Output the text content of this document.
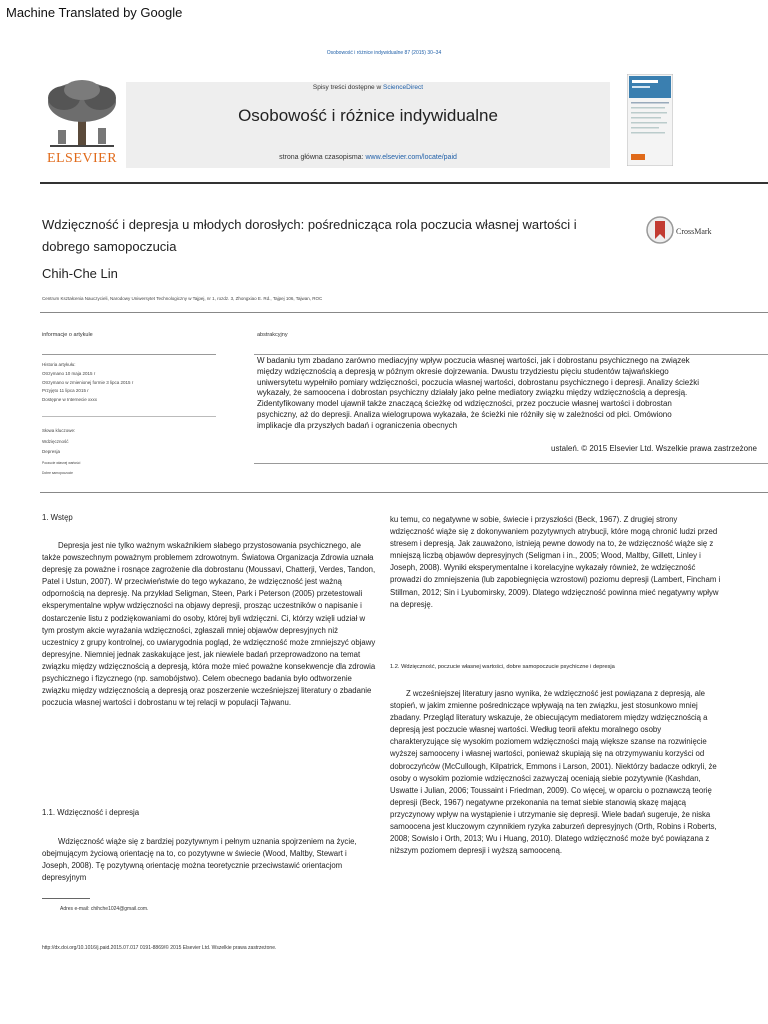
Machine Translated by Google
Osobowość i różnice indywidualne 87 (2015) 30–34
ELSEVIER
Spisy treści dostępne w ScienceDirect
Osobowość i różnice indywidualne
strona główna czasopisma: www.elsevier.com/locate/paid
Wdzięczność i depresja u młodych dorosłych: pośrednicząca rola poczucia własnej wartości i dobrego samopoczucia
Chih-Che Lin
Centrum Kształcenia Nauczycieli, Narodowy Uniwersytet Technologiczny w Tajpej, nr 1, rozdz. 3, Zhongxiao E. Rd., Tajpej 106, Tajwan, ROC
CrossMark
informacje o artykule	abstrakcyjny
Historia artykułu:
Otrzymano 10 maja 2015 r
Otrzymano w zmienionej formie 3 lipca 2015 r
Przyjęto 11 lipca 2015 r
Dostępne w Internecie xxxx
Słowa kluczowe:
Wdzięczność
Depresja
Poczucie własnej wartości
Dobre samopoczucie
W badaniu tym zbadano zarówno mediacyjny wpływ poczucia własnej wartości, jak i dobrostanu psychicznego na związek między wdzięcznością a depresją w późnym okresie dojrzewania. Dwustu trzydziestu pięciu studentów tajwańskiego uniwersytetu wypełniło pomiary wdzięczności, poczucia własnej wartości, dobrostanu psychicznego i depresji. Analizy ścieżki wykazały, że samoocena i dobrostan psychiczny działały jako pełne mediatory związku między wdzięcznością a depresją. Zidentyfikowany model ujawnił także znaczącą ścieżkę od wdzięczności, przez poczucie własnej wartości i dobrostan psychiczny, aż do depresji. Analiza wielogrupowa wykazała, że ścieżki nie różniły się w zależności od płci. Omówiono implikacje dla przyszłych badań i ograniczenia obecnych
ustaleń. © 2015 Elsevier Ltd. Wszelkie prawa zastrzeżone
1. Wstęp

Depresja jest nie tylko ważnym wskaźnikiem słabego przystosowania psychicznego, ale także powszechnym poważnym problemem zdrowotnym. Światowa Organizacja Zdrowia uznała depresję za poważne i rosnące zagrożenie dla dobrostanu (Moussavi, Chatterji, Verdes, Tandon, Patel i Ustun, 2007). W przeciwieństwie do tego wykazano, że wdzięczność jest ważną odpornością na depresję. Na przykład Seligman, Steen, Park i Peterson (2005) przetestowali eksperymentalne wpływ wdzięczności na objawy depresji, prosząc uczestników o napisanie i dostarczenie listu z podziękowaniami do osoby, której byli wdzięczni. Ci, którzy wzięli udział w tym prostym akcie wyrażania wdzięczności, zgłaszali mniej objawów depresyjnych niż uczestnicy z grupy kontrolnej, co uwiarygodnia pogląd, że wdzięczność może zmniejszyć objawy depresyjne. Niemniej jednak zaskakujące jest, jak niewiele badań przeprowadzono na temat związku między wdzięcznością a depresją, która może mieć poważne konsekwencje dla zdrowia psychicznego i fizycznego (np. samobójstwo). Celem obecnego badania było odtworzenie związku między wdzięcznością a depresją oraz poszerzenie wcześniejszej literatury o zbadanie poczucia własnej wartości i dobrostanu w tej relacji w populacji Tajwanu.

1.1. Wdzięczność i depresja

Wdzięczność wiąże się z bardziej pozytywnym i pełnym uznania spojrzeniem na życie, obejmującym życiową orientację na to, co pozytywne w świecie (Wood, Maltby, Stewart i Joseph, 2008). Tę pozytywną orientację można teoretycznie przeciwstawić orientacjom depresyjnym

Adres e-mail: chihche1024@gmail.com.
http://dx.doi.org/10.1016/j.paid.2015.07.017 0191-8869/© 2015 Elsevier Ltd. Wszelkie prawa zastrzeżone.

ku temu, co negatywne w sobie, świecie i przyszłości (Beck, 1967). Z drugiej strony wdzięczność wiąże się z dokonywaniem pozytywnych atrybucji, które mogą chronić ludzi przed stresem i depresją. Jak zauważono, istnieją pewne dowody na to, że wdzięczność wiąże się z mniejszą liczbą objawów depresyjnych (Seligman i in., 2005; Wood, Maltby, Gillett, Linley i Joseph, 2008). Wyniki eksperymentalne i korelacyjne wykazały również, że wdzięczność prowadzi do zmniejszenia (lub zapobiegnięcia wzrostowi) poziomu depresji (Lambert, Fincham i Stillman, 2012; Sin i Lyubomirsky, 2009). Dlatego wdzięczność powinna mieć negatywny wpływ na depresję.

1.2. Wdzięczność, poczucie własnej wartości, dobre samopoczucie psychiczne i depresja

Z wcześniejszej literatury jasno wynika, że wdzięczność jest powiązana z depresją, ale stopień, w jakim zmienne pośredniczące wpływają na ten związku, jest stosunkowo mniej zbadany. Przegląd literatury wskazuje, że obiecującym mediatorem między wdzięcznością a depresją jest poczucie własnej wartości. Według teorii afektu moralnego osoby charakteryzujące się wysokim poziomem wdzięczności mają większe szanse na rozwinięcie wyższej samooceny i własnej wartości, ponieważ skupiają się na otrzymywaniu korzyści od dobroczyńców (McCullough, Kilpatrick, Emmons i Larson, 2001). Niektórzy badacze odkryli, że osoby o wysokim poziomie wdzięczności zazwyczaj oceniają siebie pozytywnie (Kashdan, Uswatte i Julian, 2006; Toussaint i Friedman, 2009). Co więcej, w oparciu o poznawczą teorię depresji (Beck, 1967) negatywne przekonania na temat siebie stanowią skazę mającą przyczynowy wpływ na wystąpienie i utrzymanie się depresji. Wiele badań sugeruje, że niska samoocena jest kluczowym czynnikiem ryzyka zaburzeń depresyjnych (Orth, Robins i Roberts, 2008; Sowislo i Orth, 2013; Wu i Huang, 2010). Dlatego wdzięczność może być powiązana z niższym poziomem depresji i wyższą samooceną.
